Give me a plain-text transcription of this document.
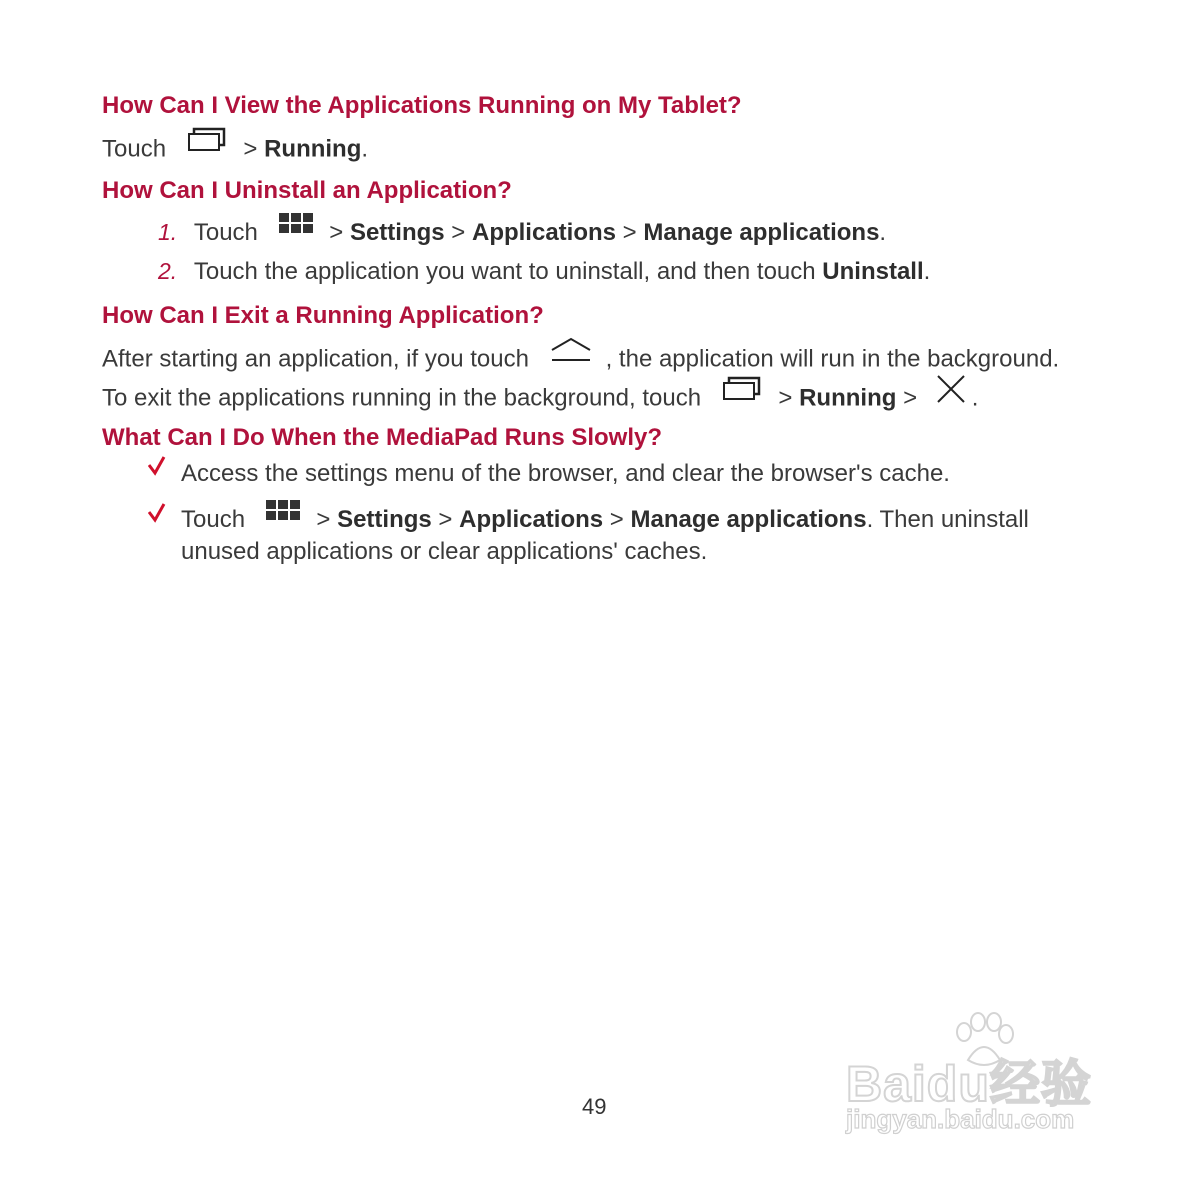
How Can I View the Applications Running on My Tablet?
Touch	> Running.
How Can I Uninstall an Application?
1. Touch	> Settings > Applications > Manage applications.
2. Touch the application you want to uninstall, and then touch Uninstall.
How Can I Exit a Running Application?
After starting an application, if you touch	, the application will run in the background.
To exit the applications running in the background, touch	> Running > .
What Can I Do When the MediaPad Runs Slowly?
Access the settings menu of the browser, and clear the browser's cache.
Touch	> Settings > Applications > Manage applications. Then uninstall
unused applications or clear applications' caches.
49	Baidu经验
jingyan.baidu.com
